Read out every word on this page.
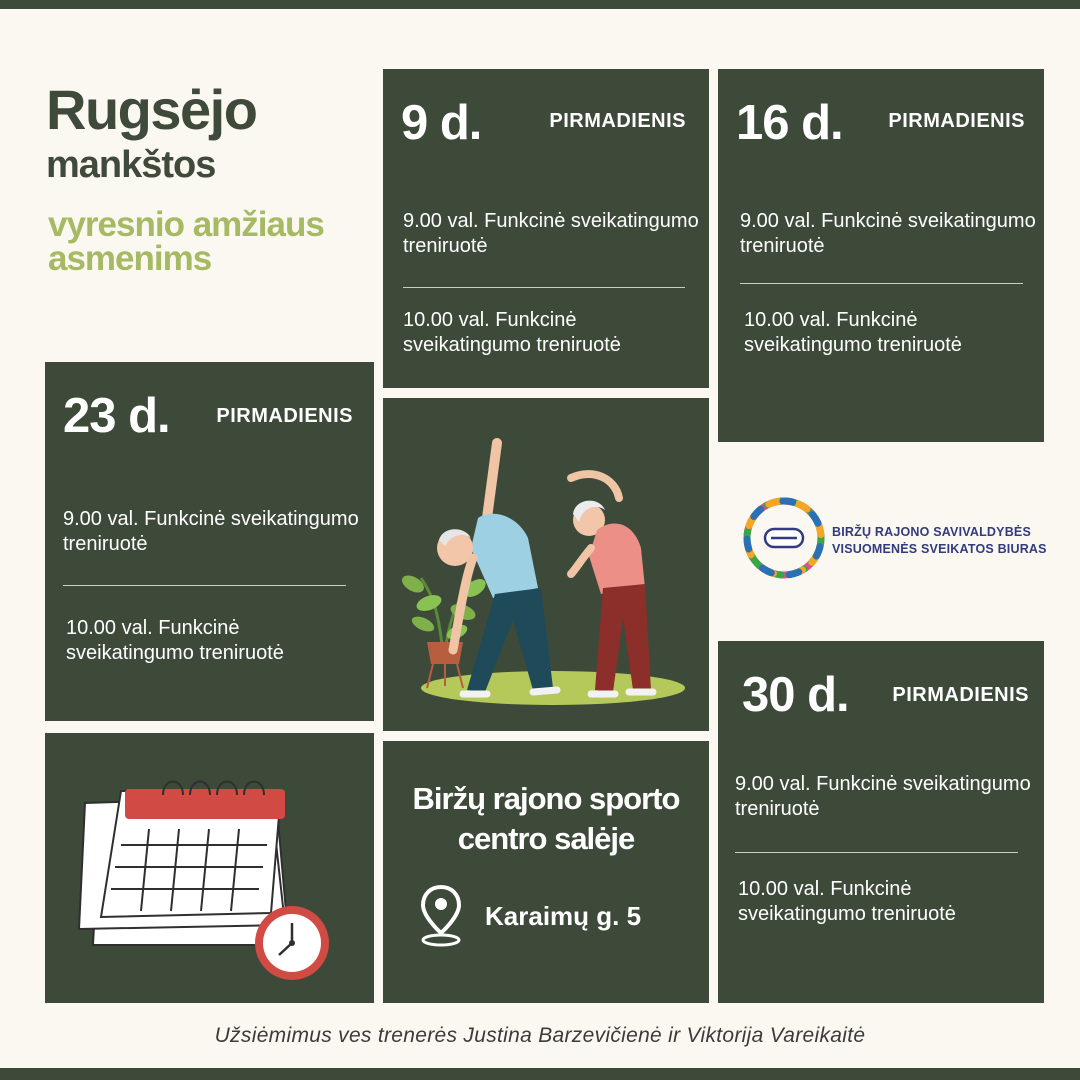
Rugsėjo
mankštos

vyresnio amžiaus asmenims

9 d.	PIRMADIENIS
9.00 val. Funkcinė sveikatingumo treniruotė
10.00 val. Funkcinė sveikatingumo treniruotė
16 d. PIRMADIENIS
9.00 val. Funkcinė sveikatingumo treniruotė
10.00 val. Funkcinė sveikatingumo treniruotė
23 d. PIRMADIENIS
9.00 val. Funkcinė sveikatingumo treniruotė
10.00 val. Funkcinė sveikatingumo treniruotė
30 d. PIRMADIENIS
9.00 val. Funkcinė sveikatingumo treniruotė
10.00 val. Funkcinė sveikatingumo treniruotė
Biržų rajono sporto centro salėje
Karaimų g. 5
BIRŽŲ RAJONO SAVIVALDYBĖS
VISUOMENĖS SVEIKATOS BIURAS
Užsiėmimus ves trenerės Justina Barzevičienė ir Viktorija Vareikaitė
